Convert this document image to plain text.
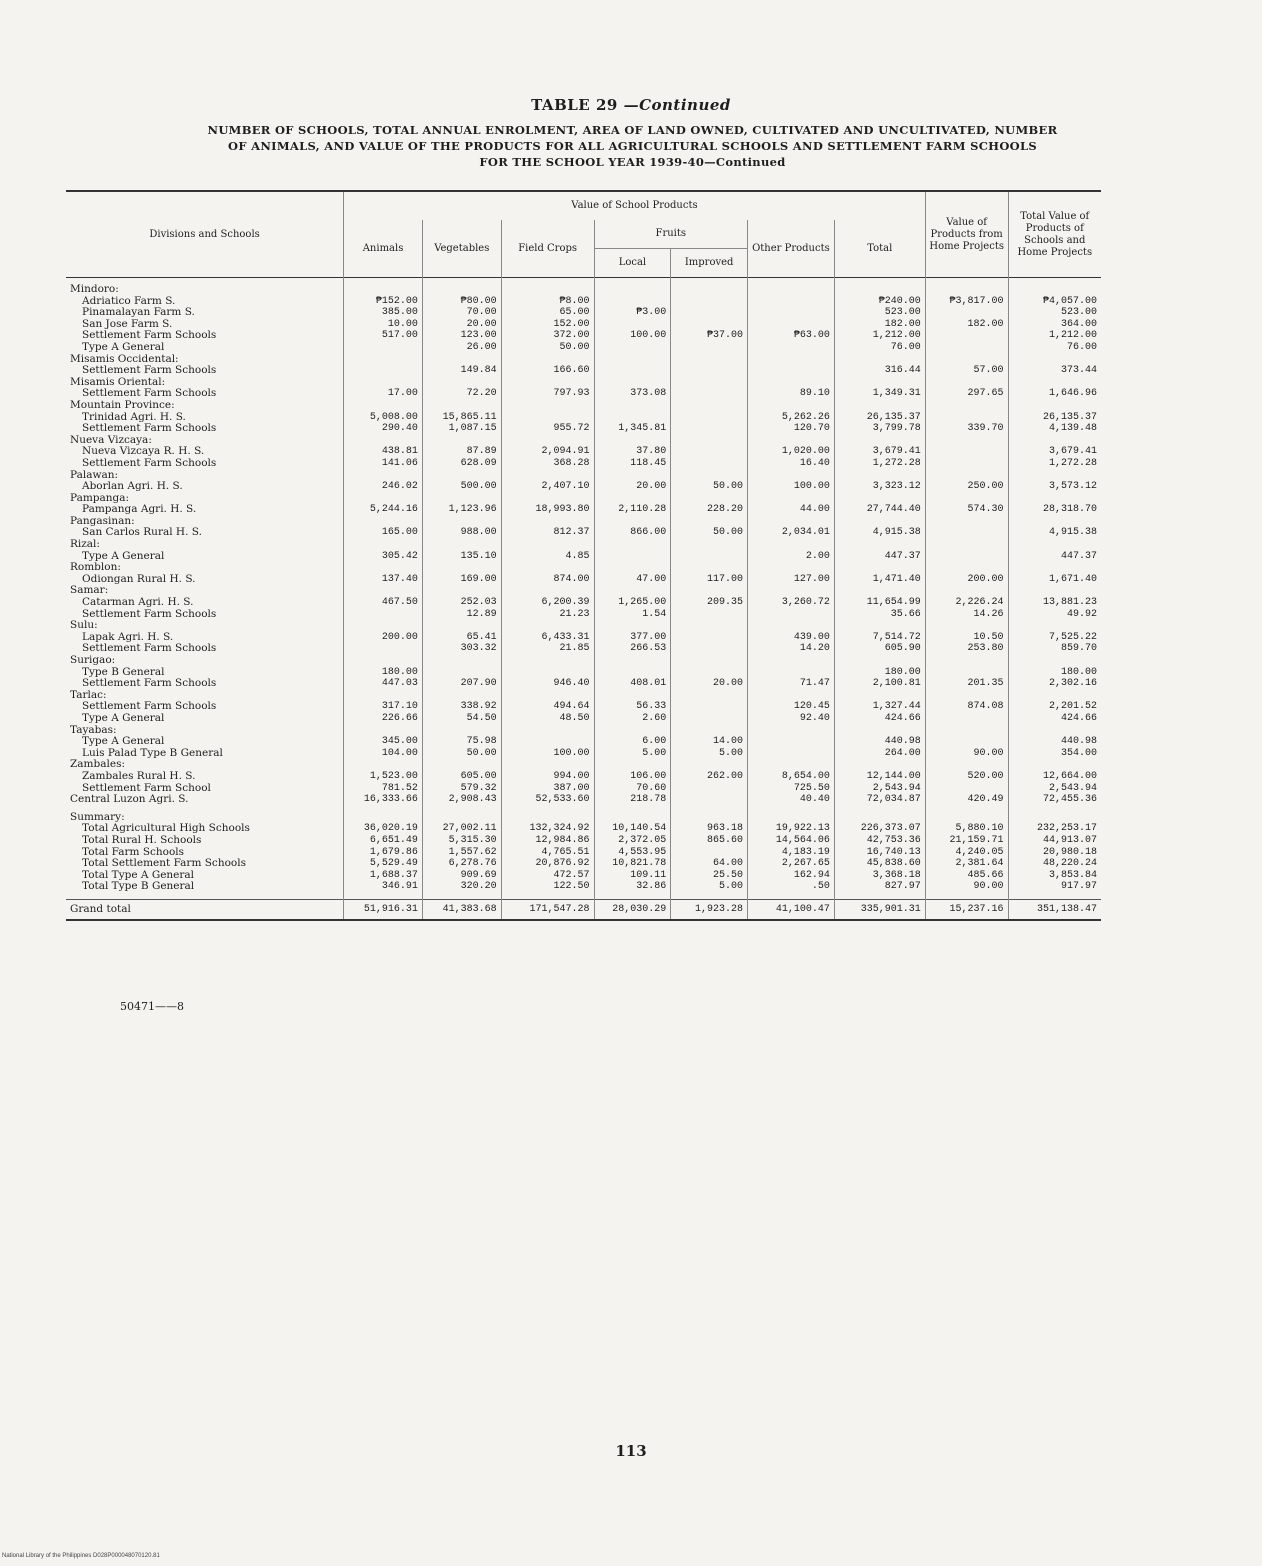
TABLE 29 —Continued
NUMBER OF SCHOOLS, TOTAL ANNUAL ENROLMENT, AREA OF LAND OWNED, CULTIVATED AND UNCULTIVATED, NUMBER
OF ANIMALS, AND VALUE OF THE PRODUCTS FOR ALL AGRICULTURAL SCHOOLS AND SETTLEMENT FARM SCHOOLS
FOR THE SCHOOL YEAR 1939-40—Continued
Divisions and Schools	Value of School Products							Value of Products from Home Projects	Total Value of Products of Schools and Home Projects
	Animals	Vegetables	Field Crops	Fruits		Other Products	Total		
				Local	Improved				

Mindoro:									
Adriatico Farm S.	₱152.00	₱80.00	₱8.00				₱240.00	₱3,817.00	₱4,057.00
Pinamalayan Farm S.	385.00	70.00	65.00	₱3.00			523.00		523.00
San Jose Farm S.	10.00	20.00	152.00				182.00	182.00	364.00
Settlement Farm Schools	517.00	123.00	372.00	100.00	₱37.00	₱63.00	1,212.00		1,212.00
Type A General		26.00	50.00				76.00		76.00
Misamis Occidental:									
Settlement Farm Schools		149.84	166.60				316.44	57.00	373.44
Misamis Oriental:									
Settlement Farm Schools	17.00	72.20	797.93	373.08		89.10	1,349.31	297.65	1,646.96
Mountain Province:									
Trinidad Agri. H. S.	5,008.00	15,865.11				5,262.26	26,135.37		26,135.37
Settlement Farm Schools	290.40	1,087.15	955.72	1,345.81		120.70	3,799.78	339.70	4,139.48
Nueva Vizcaya:									
Nueva Vizcaya R. H. S.	438.81	87.89	2,094.91	37.80		1,020.00	3,679.41		3,679.41
Settlement Farm Schools	141.06	628.09	368.28	118.45		16.40	1,272.28		1,272.28
Palawan:									
Aborlan Agri. H. S.	246.02	500.00	2,407.10	20.00	50.00	100.00	3,323.12	250.00	3,573.12
Pampanga:									
Pampanga Agri. H. S.	5,244.16	1,123.96	18,993.80	2,110.28	228.20	44.00	27,744.40	574.30	28,318.70
Pangasinan:									
San Carlos Rural H. S.	165.00	988.00	812.37	866.00	50.00	2,034.01	4,915.38		4,915.38
Rizal:									
Type A General	305.42	135.10	4.85			2.00	447.37		447.37
Romblon:									
Odiongan Rural H. S.	137.40	169.00	874.00	47.00	117.00	127.00	1,471.40	200.00	1,671.40
Samar:									
Catarman Agri. H. S.	467.50	252.03	6,200.39	1,265.00	209.35	3,260.72	11,654.99	2,226.24	13,881.23
Settlement Farm Schools		12.89	21.23	1.54			35.66	14.26	49.92
Sulu:									
Lapak Agri. H. S.	200.00	65.41	6,433.31	377.00		439.00	7,514.72	10.50	7,525.22
Settlement Farm Schools		303.32	21.85	266.53		14.20	605.90	253.80	859.70
Surigao:									
Type B General	180.00						180.00		180.00
Settlement Farm Schools	447.03	207.90	946.40	408.01	20.00	71.47	2,100.81	201.35	2,302.16
Tarlac:									
Settlement Farm Schools	317.10	338.92	494.64	56.33		120.45	1,327.44	874.08	2,201.52
Type A General	226.66	54.50	48.50	2.60		92.40	424.66		424.66
Tayabas:									
Type A General	345.00	75.98		6.00	14.00		440.98		440.98
Luis Palad Type B General	104.00	50.00	100.00	5.00	5.00		264.00	90.00	354.00
Zambales:									
Zambales Rural H. S.	1,523.00	605.00	994.00	106.00	262.00	8,654.00	12,144.00	520.00	12,664.00
Settlement Farm School	781.52	579.32	387.00	70.60		725.50	2,543.94		2,543.94
Central Luzon Agri. S.	16,333.66	2,908.43	52,533.60	218.78		40.40	72,034.87	420.49	72,455.36

Summary:									
Total Agricultural High Schools	36,020.19	27,002.11	132,324.92	10,140.54	963.18	19,922.13	226,373.07	5,880.10	232,253.17
Total Rural H. Schools	6,651.49	5,315.30	12,984.86	2,372.05	865.60	14,564.06	42,753.36	21,159.71	44,913.07
Total Farm Schools	1,679.86	1,557.62	4,765.51	4,553.95		4,183.19	16,740.13	4,240.05	20,980.18
Total Settlement Farm Schools	5,529.49	6,278.76	20,876.92	10,821.78	64.00	2,267.65	45,838.60	2,381.64	48,220.24
Total Type A General	1,688.37	909.69	472.57	109.11	25.50	162.94	3,368.18	485.66	3,853.84
Total Type B General	346.91	320.20	122.50	32.86	5.00	.50	827.97	90.00	917.97

Grand total	51,916.31	41,383.68	171,547.28	28,030.29	1,923.28	41,100.47	335,901.31	15,237.16	351,138.47
50471——8
113
National Library of the Philippines D028P000048070120.81
